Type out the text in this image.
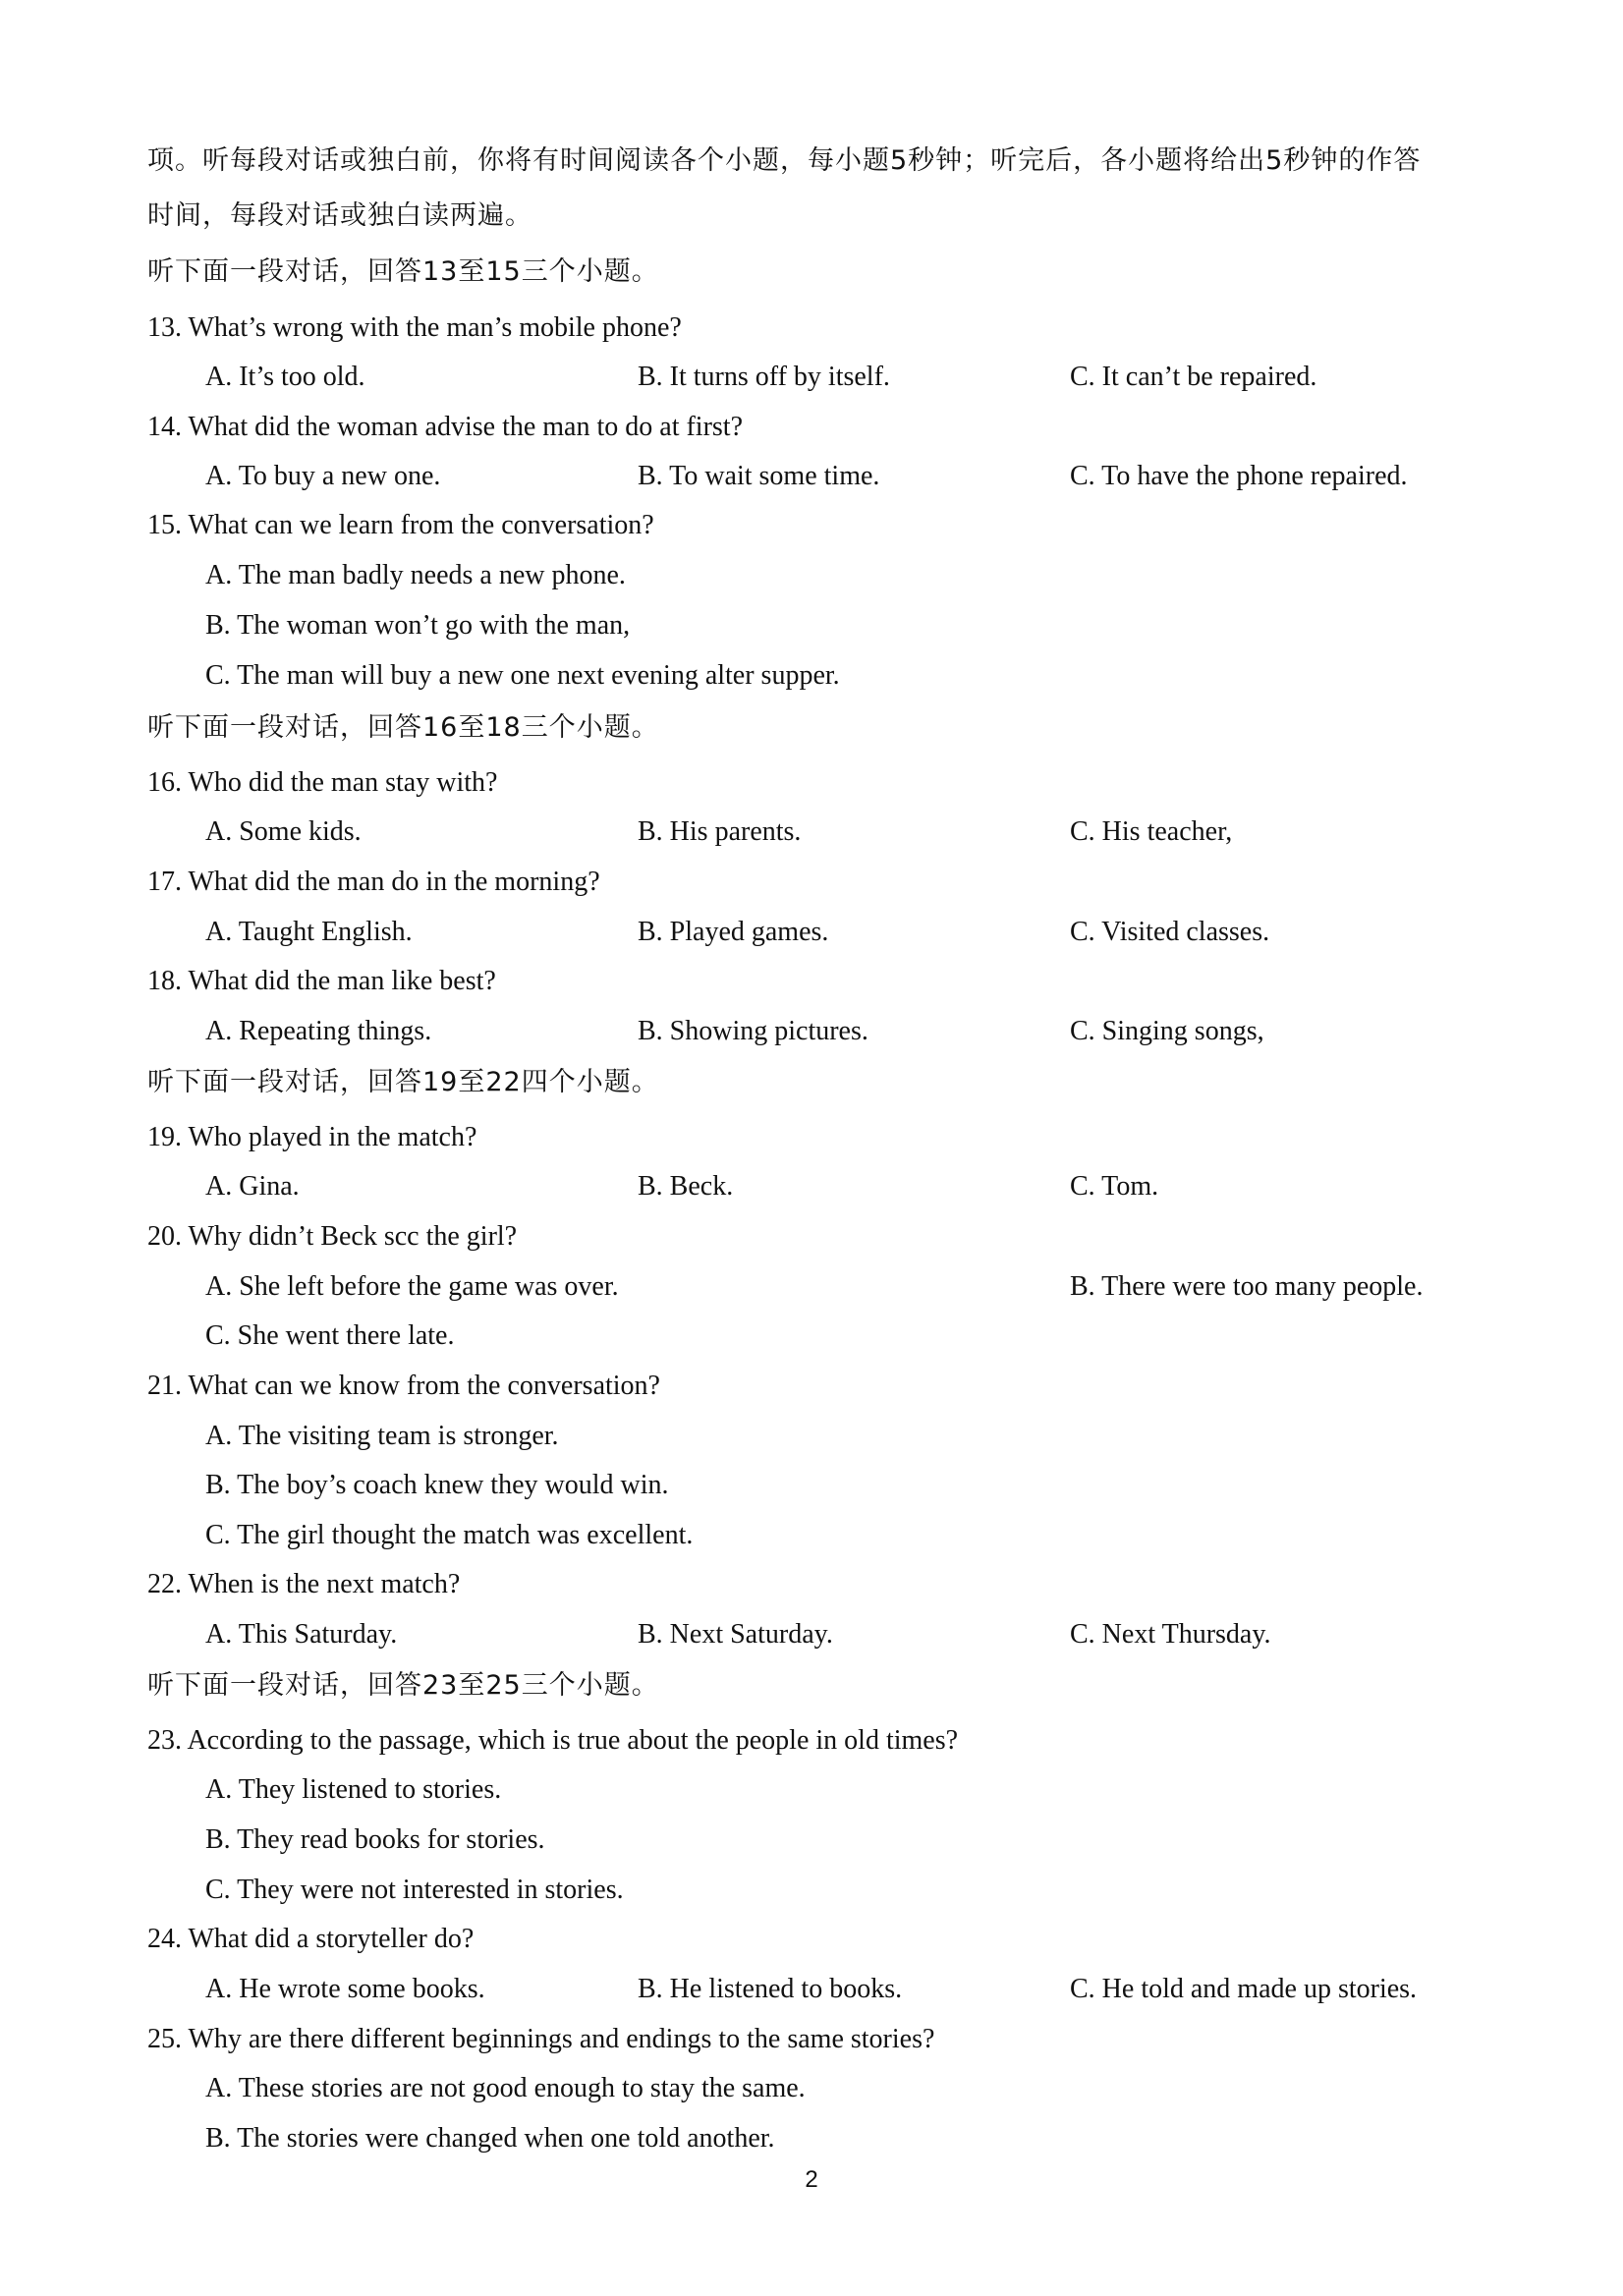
项。听每段对话或独白前，你将有时间阅读各个小题，每小题5秒钟；听完后，各小题将给出5秒钟的作答
时间，每段对话或独白读两遍。
听下面一段对话，回答13至15三个小题。
13. What’s wrong with the man’s mobile phone?
A. It’s too old.	B. It turns off by itself.	C. It can’t be repaired.
14. What did the woman advise the man to do at first?
A. To buy a new one.	B. To wait some time.	C. To have the phone repaired.
15. What can we learn from the conversation?
A. The man badly needs a new phone.
B. The woman won’t go with the man,
C. The man will buy a new one next evening alter supper.
听下面一段对话，回答16至18三个小题。
16. Who did the man stay with?
A. Some kids.	B. His parents.	C. His teacher,
17. What did the man do in the morning?
A. Taught English.	B. Played games.	C. Visited classes.
18. What did the man like best?
A. Repeating things.	B. Showing pictures.	C. Singing songs,
听下面一段对话，回答19至22四个小题。
19. Who played in the match?
A. Gina.	B. Beck.	C. Tom.
20. Why didn’t Beck scc the girl?
A. She left before the game was over.	B. There were too many people.
C. She went there late.
21. What can we know from the conversation?
A. The visiting team is stronger.
B. The boy’s coach knew they would win.
C. The girl thought the match was excellent.
22. When is the next match?
A. This Saturday.	B. Next Saturday.	C. Next Thursday.
听下面一段对话，回答23至25三个小题。
23. According to the passage, which is true about the people in old times?
A. They listened to stories.
B. They read books for stories.
C. They were not interested in stories.
24. What did a storyteller do?
A. He wrote some books.	B. He listened to books.	C. He told and made up stories.
25. Why are there different beginnings and endings to the same stories?
A. These stories are not good enough to stay the same.
B. The stories were changed when one told another.
2
